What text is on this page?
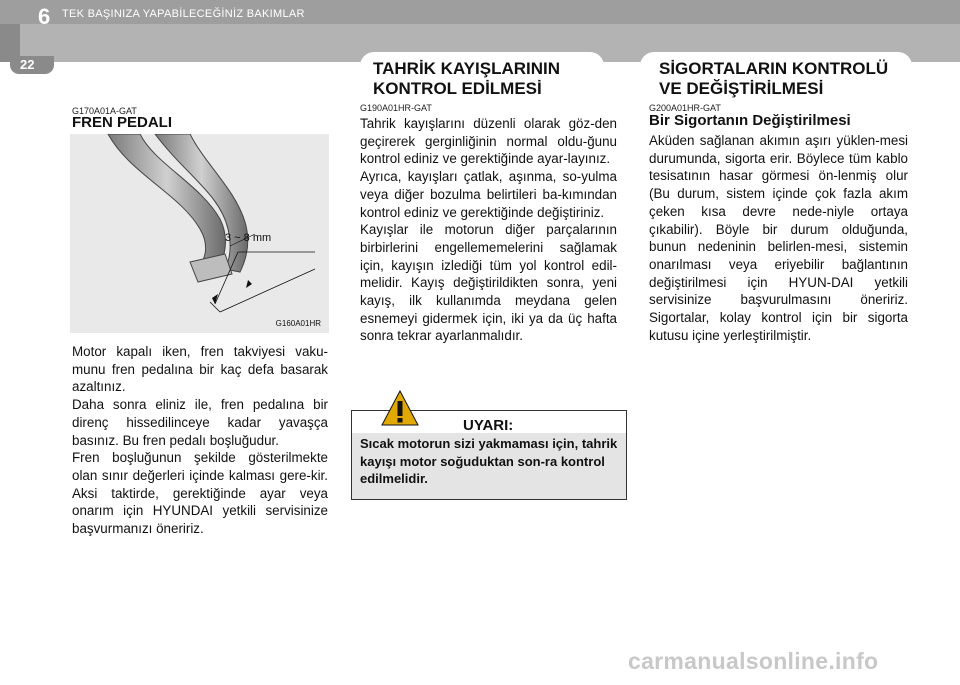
6 TEK BAŞINIZA YAPABİLECEĞİNİZ BAKIMLAR
22	TAHRİK KAYIŞLARININ
KONTROL EDİLMESİ
SİGORTALARIN KONTROLÜ
VE DEĞİŞTİRİLMESİ
G170A01A-GAT
FREN PEDALI
3 ~ 8 mm
G160A01HR

Motor kapalı iken, fren takviyesi vaku-munu fren pedalına bir kaç defa basarak azaltınız.

Daha sonra eliniz ile, fren pedalına bir direnç hissedilinceye kadar yavaşça basınız. Bu fren pedalı boşluğudur.

Fren boşluğunun şekilde gösterilmekte olan sınır değerleri içinde kalması gere-kir. Aksi taktirde, gerektiğinde ayar veya onarım için HYUNDAI yetkili servisinize başvurmanızı öneririz.

G190A01HR-GAT

Tahrik kayışlarını düzenli olarak göz-den geçirerek gerginliğinin normal oldu-ğunu kontrol ediniz ve gerektiğinde ayar-layınız.

Ayrıca, kayışları çatlak, aşınma, so-yulma veya diğer bozulma belirtileri ba-kımından kontrol ediniz ve gerektiğinde değiştiriniz.

Kayışlar ile motorun diğer parçalarının birbirlerini engellememelerini sağlamak için, kayışın izlediği tüm yol kontrol edil-melidir. Kayış değiştirildikten sonra, yeni kayış, ilk kullanımda meydana gelen esnemeyi gidermek için, iki ya da üç hafta sonra tekrar ayarlanmalıdır.

UYARI:
Sıcak motorun sizi yakmaması için, tahrik kayışı motor soğuduktan son-ra kontrol edilmelidir.
G200A01HR-GAT
Bir Sigortanın Değiştirilmesi

Aküden sağlanan akımın aşırı yüklen-mesi durumunda, sigorta erir. Böylece tüm kablo tesisatının hasar görmesi ön-lenmiş olur (Bu durum, sistem içinde çok fazla akım çeken kısa devre nede-niyle ortaya çıkabilir). Böyle bir durum olduğunda, bunun nedeninin belirlen-mesi, sistemin onarılması veya eriyebilir bağlantının değiştirilmesi için HYUN-DAI yetkili servisinize başvurulmasını öneririz. Sigortalar, kolay kontrol için bir sigorta kutusu içine yerleştirilmiştir.

carmanualsonline.info
